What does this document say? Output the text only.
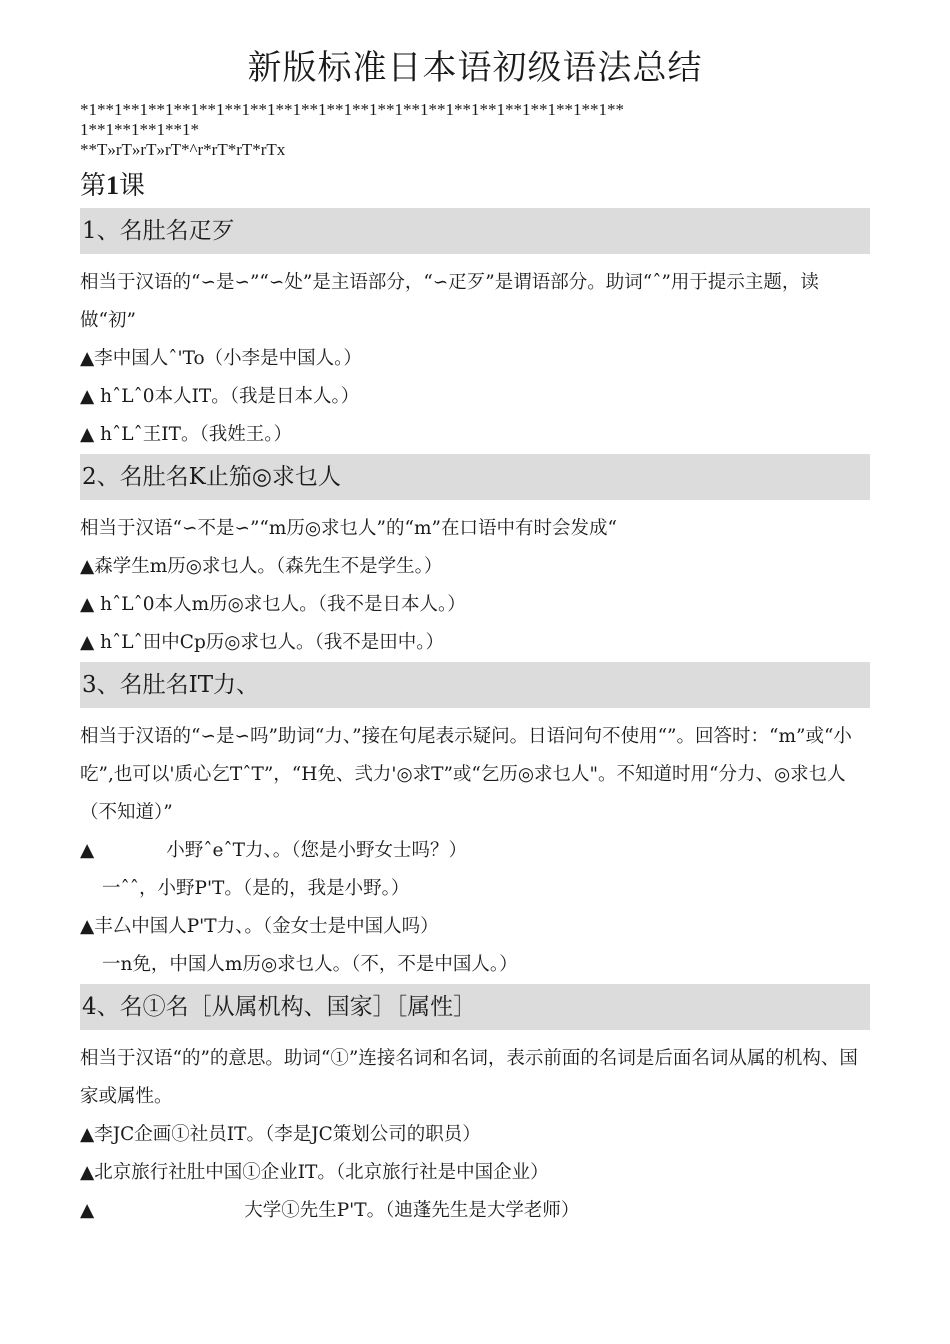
新版标准日本语初级语法总结

*1**1**1**1**1**1**1**1**1**1**1**1**1**1**1**1**1**1**1**1**1**

1**1**1**1**1*

**T»rT»rT»rT*^r*rT*rT*rTx

第1课
1、名肚名疋歹

相当于汉语的“∽是∽”“∽处”是主语部分，“∽疋歹”是谓语部分。助词“ˆ”用于提示主题，读做“初”

▲李中国人ˆ'To（小李是中国人。）

▲ hˆLˆ0本人IT。（我是日本人。）

▲ hˆLˆ王IT。（我姓王。）

2、名肚名K止笳◎求乜人

相当于汉语“∽不是∽”“m历◎求乜人”的“m”在口语中有时会发成“

▲森学生m历◎求乜人。（森先生不是学生。）

▲ hˆLˆ0本人m历◎求乜人。（我不是日本人。）

▲ hˆLˆ田中Cp历◎求乜人。（我不是田中。）

3、名肚名IT力、

相当于汉语的“∽是∽吗”助词“力、”接在句尾表示疑问。日语问句不使用“”。回答时：“m”或“小吃”,也可以'质心乞TˆT”，“H免、弐力'◎求T”或“乞历◎求乜人"。不知道时用“分力、◎求乜人（不知道）”

▲	小野ˆeˆT力、。（您是小野女士吗？）

一ˆˆ，小野P'T。（是的，我是小野。）

▲丰厶中国人P'T力、。（金女士是中国人吗）

一n免，中国人m历◎求乜人。（不，不是中国人。）

4、名①名［从属机构、国家］［属性］

相当于汉语“的”的意思。助词“①”连接名词和名词，表示前面的名词是后面名词从属的机构、国家或属性。

▲李JC企画①社员IT。（李是JC策划公司的职员）

▲北京旅行社肚中国①企业IT。（北京旅行社是中国企业）

▲	大学①先生P'T。（迪蓬先生是大学老师）
